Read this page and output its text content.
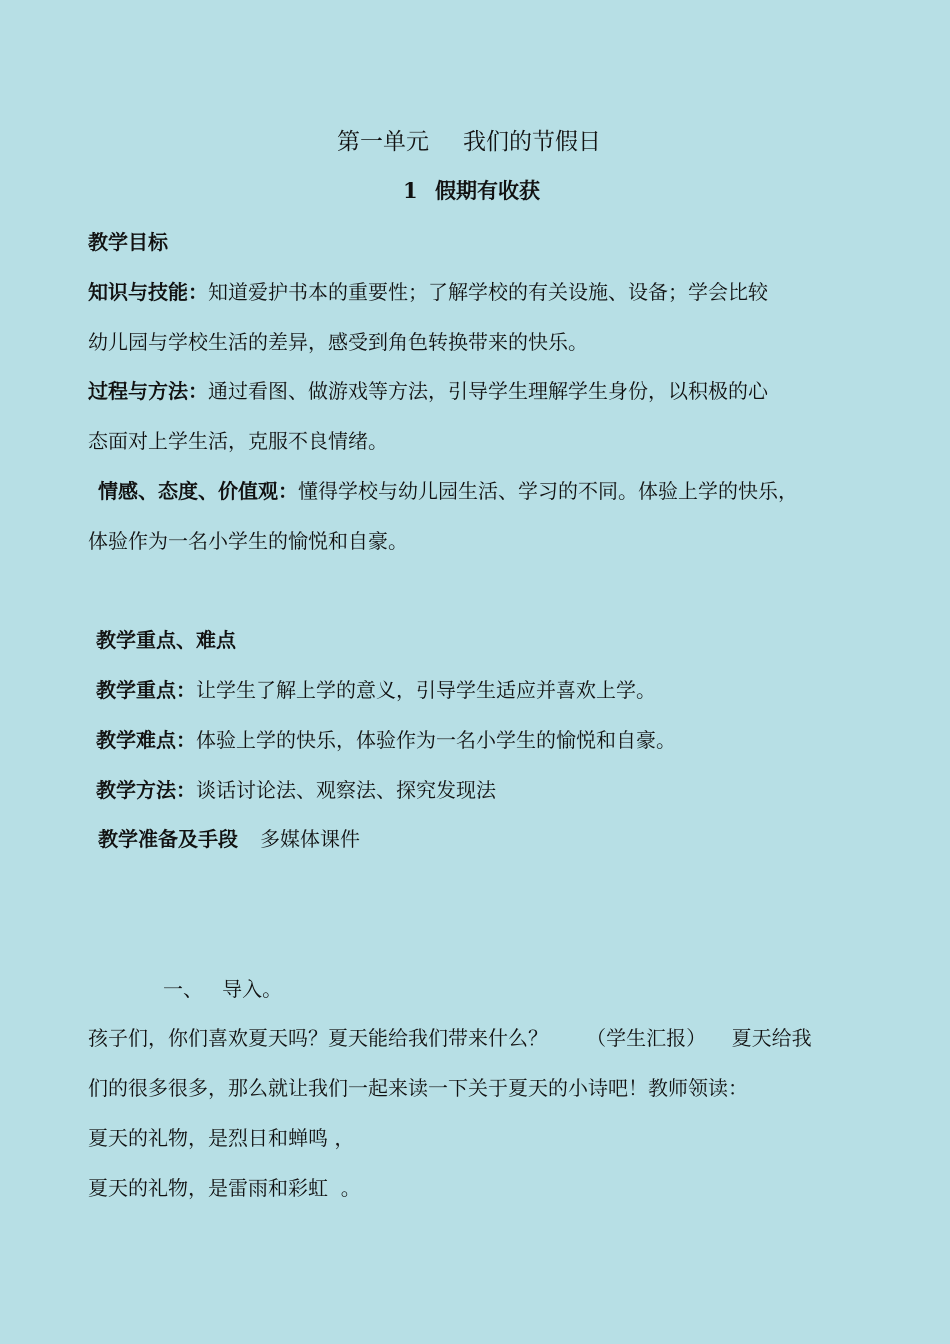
第一单元 我们的节假日
1 假期有收获
教学目标
知识与技能：知道爱护书本的重要性；了解学校的有关设施、设备；学会比较
幼儿园与学校生活的差异，感受到角色转换带来的快乐。
过程与方法：通过看图、做游戏等方法，引导学生理解学生身份，以积极的心
态面对上学生活，克服不良情绪。
情感、态度、价值观：懂得学校与幼儿园生活、学习的不同。体验上学的快乐，
体验作为一名小学生的愉悦和自豪。
教学重点、难点
教学重点：让学生了解上学的意义，引导学生适应并喜欢上学。
教学难点：体验上学的快乐，体验作为一名小学生的愉悦和自豪。
教学方法：谈话讨论法、观察法、探究发现法
教学准备及手段 多媒体课件
一、   导入。
孩子们，你们喜欢夏天吗？夏天能给我们带来什么？      （学生汇报）    夏天给我
们的很多很多，那么就让我们一起来读一下关于夏天的小诗吧！教师领读：
夏天的礼物，是烈日和蝉鸣 ，
夏天的礼物，是雷雨和彩虹  。
